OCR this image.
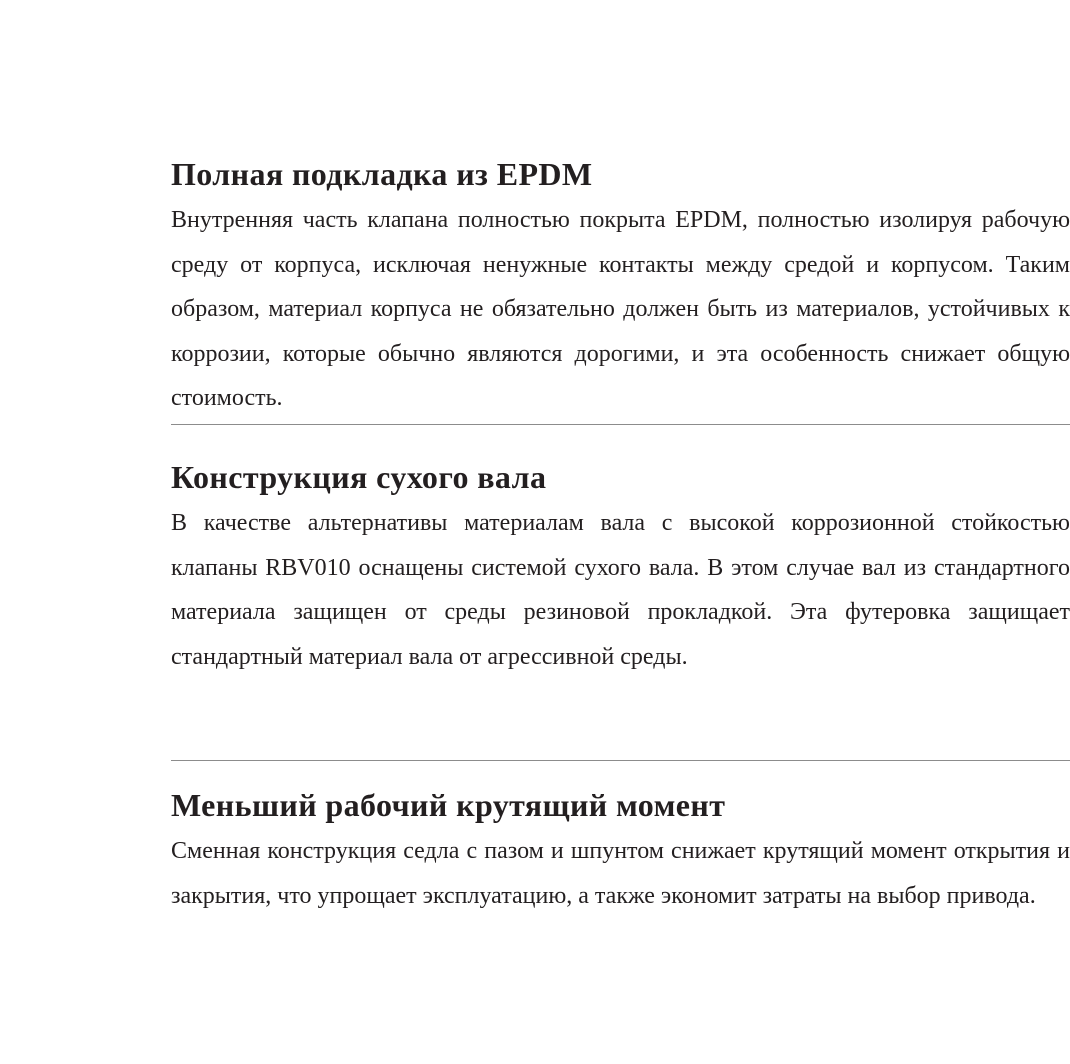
Полная подкладка из EPDM

Внутренняя часть клапана полностью покрыта EPDM, полностью изолируя рабочую среду от корпуса, исключая ненужные контакты между средой и корпусом. Таким образом, материал корпуса не обязательно должен быть из материалов, устойчивых к коррозии, которые обычно являются дорогими, и эта особенность снижает общую стоимость.

Конструкция сухого вала

В качестве альтернативы материалам вала с высокой коррозионной стойкостью клапаны RBV010 оснащены системой сухого вала. В этом случае вал из стандартного материала защищен от среды резиновой прокладкой. Эта футеровка защищает стандартный материал вала от агрессивной среды.

Меньший рабочий крутящий момент

Сменная конструкция седла с пазом и шпунтом снижает крутящий момент открытия и закрытия, что упрощает эксплуатацию, а также экономит затраты на выбор привода.
